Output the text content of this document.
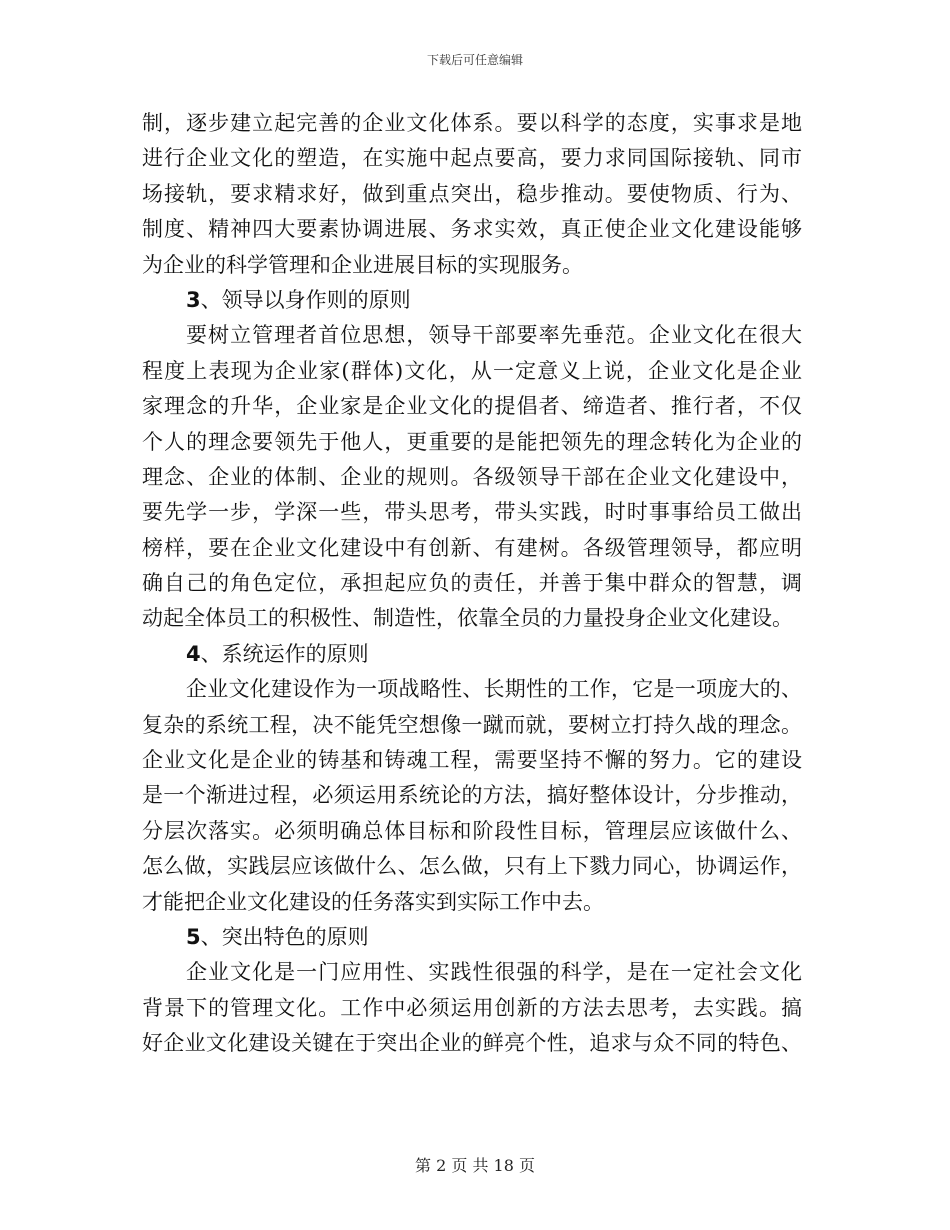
下载后可任意编辑
制，逐步建立起完善的企业文化体系。要以科学的态度，实事求是地
进行企业文化的塑造，在实施中起点要高，要力求同国际接轨、同市
场接轨，要求精求好，做到重点突出，稳步推动。要使物质、行为、
制度、精神四大要素协调进展、务求实效，真正使企业文化建设能够
为企业的科学管理和企业进展目标的实现服务。
3、领导以身作则的原则
要树立管理者首位思想，领导干部要率先垂范。企业文化在很大
程度上表现为企业家(群体)文化，从一定意义上说，企业文化是企业
家理念的升华，企业家是企业文化的提倡者、缔造者、推行者，不仅
个人的理念要领先于他人，更重要的是能把领先的理念转化为企业的
理念、企业的体制、企业的规则。各级领导干部在企业文化建设中，
要先学一步，学深一些，带头思考，带头实践，时时事事给员工做出
榜样，要在企业文化建设中有创新、有建树。各级管理领导，都应明
确自己的角色定位，承担起应负的责任，并善于集中群众的智慧，调
动起全体员工的积极性、制造性，依靠全员的力量投身企业文化建设。
4、系统运作的原则
企业文化建设作为一项战略性、长期性的工作，它是一项庞大的、
复杂的系统工程，决不能凭空想像一蹴而就，要树立打持久战的理念。
企业文化是企业的铸基和铸魂工程，需要坚持不懈的努力。它的建设
是一个渐进过程，必须运用系统论的方法，搞好整体设计，分步推动，
分层次落实。必须明确总体目标和阶段性目标，管理层应该做什么、
怎么做，实践层应该做什么、怎么做，只有上下戮力同心，协调运作，
才能把企业文化建设的任务落实到实际工作中去。
5、突出特色的原则
企业文化是一门应用性、实践性很强的科学，是在一定社会文化
背景下的管理文化。工作中必须运用创新的方法去思考，去实践。搞
好企业文化建设关键在于突出企业的鲜亮个性，追求与众不同的特色、
第 2 页 共 18 页
